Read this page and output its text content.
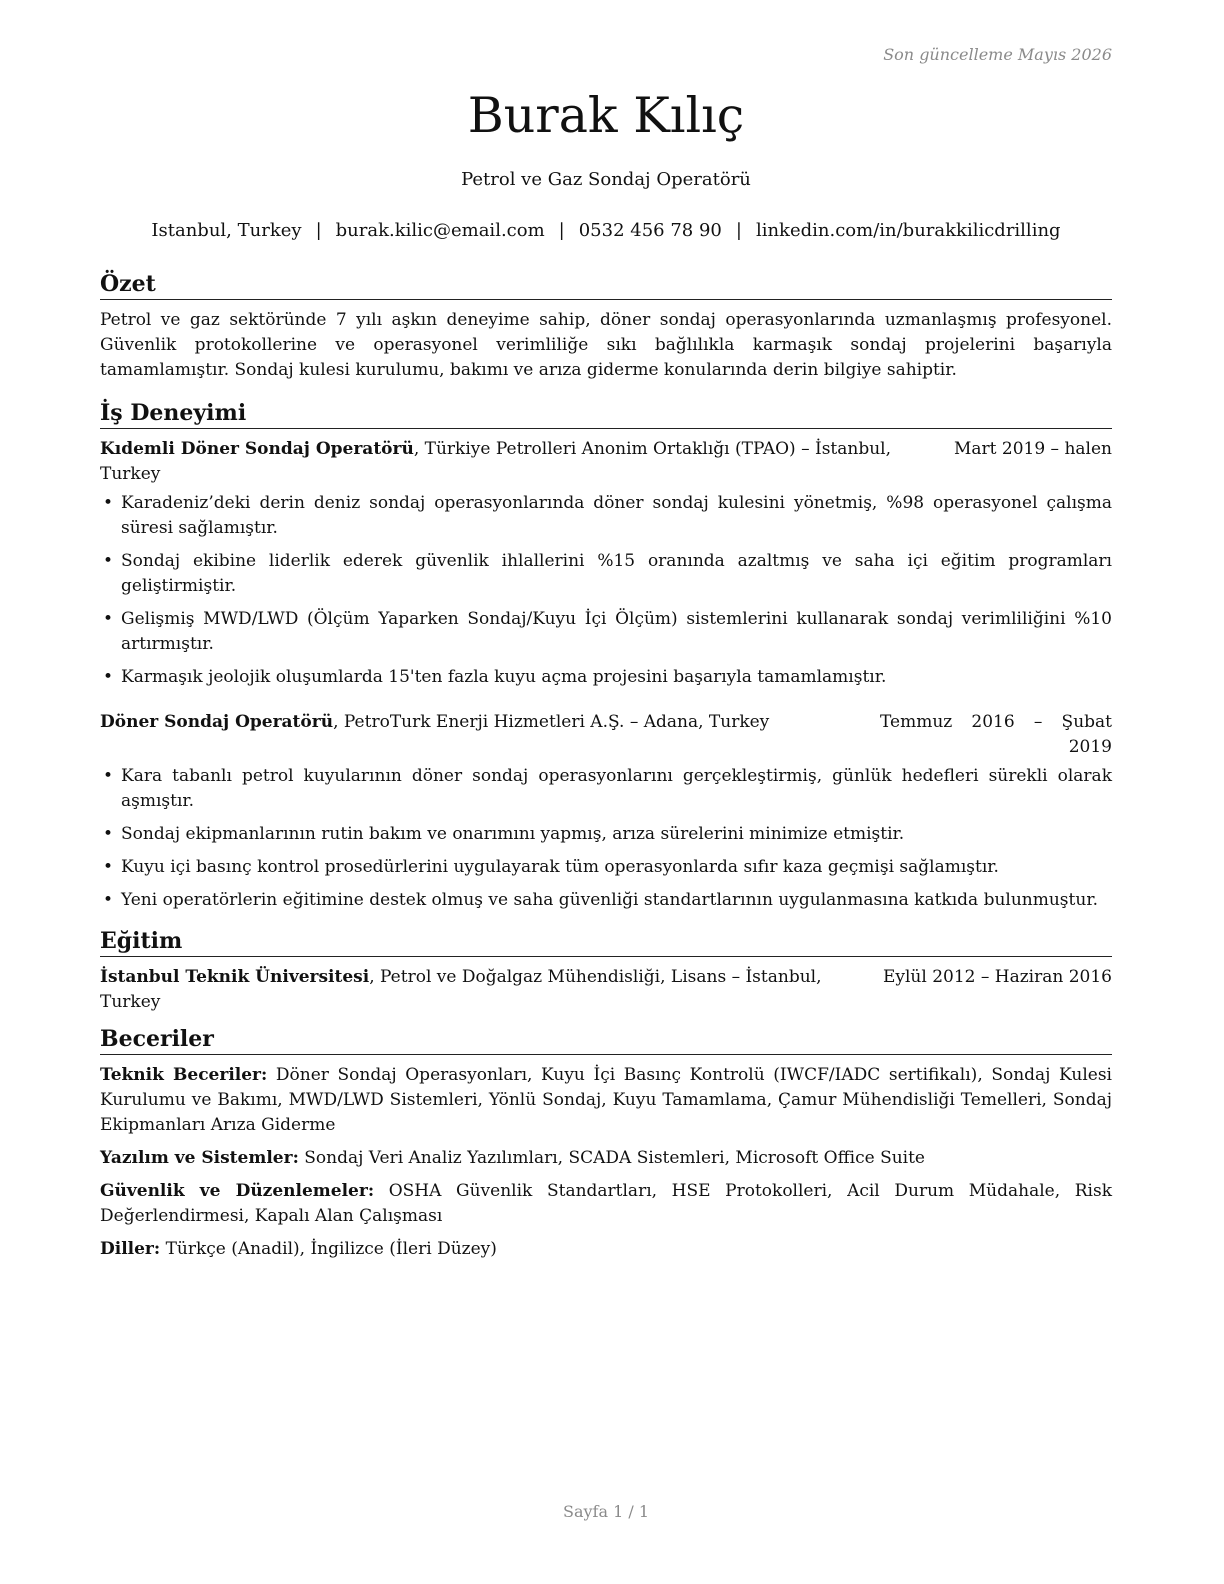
Son güncelleme Mayıs 2026
Burak Kılıç
Petrol ve Gaz Sondaj Operatörü
Istanbul, Turkey | burak.kilic@email.com | 0532 456 78 90 | linkedin.com/in/burakkilicdrilling
Özet

Petrol ve gaz sektöründe 7 yılı aşkın deneyime sahip, döner sondaj operasyonlarında uzmanlaşmış profesyonel. Güvenlik protokollerine ve operasyonel verimliliğe sıkı bağlılıkla karmaşık sondaj projelerini başarıyla tamamlamıştır. Sondaj kulesi kurulumu, bakımı ve arıza giderme konularında derin bilgiye sahiptir.

İş Deneyimi
Kıdemli Döner Sondaj Operatörü, Türkiye Petrolleri Anonim Ortaklığı (TPAO) – İstanbul, Turkey
Mart 2019 – halen
• Karadeniz’deki derin deniz sondaj operasyonlarında döner sondaj kulesini yönetmiş, %98 operasyonel çalışma süresi sağlamıştır.
• Sondaj ekibine liderlik ederek güvenlik ihlallerini %15 oranında azaltmış ve saha içi eğitim programları geliştirmiştir.
• Gelişmiş MWD/LWD (Ölçüm Yaparken Sondaj/Kuyu İçi Ölçüm) sistemlerini kullanarak sondaj verimliliğini %10 artırmıştır.
• Karmaşık jeolojik oluşumlarda 15'ten fazla kuyu açma projesini başarıyla tamamlamıştır.
Döner Sondaj Operatörü, PetroTurk Enerji Hizmetleri A.Ş. – Adana, Turkey	Temmuz 2016 – Şubat 2019
• Kara tabanlı petrol kuyularının döner sondaj operasyonlarını gerçekleştirmiş, günlük hedefleri sürekli olarak aşmıştır.
• Sondaj ekipmanlarının rutin bakım ve onarımını yapmış, arıza sürelerini minimize etmiştir.
• Kuyu içi basınç kontrol prosedürlerini uygulayarak tüm operasyonlarda sıfır kaza geçmişi sağlamıştır.
• Yeni operatörlerin eğitimine destek olmuş ve saha güvenliği standartlarının uygulanmasına katkıda bulunmuştur.
Eğitim
İstanbul Teknik Üniversitesi, Petrol ve Doğalgaz Mühendisliği, Lisans – İstanbul, Turkey
Eylül 2012 – Haziran 2016
Beceriler

Teknik Beceriler: Döner Sondaj Operasyonları, Kuyu İçi Basınç Kontrolü (IWCF/IADC sertifikalı), Sondaj Kulesi Kurulumu ve Bakımı, MWD/LWD Sistemleri, Yönlü Sondaj, Kuyu Tamamlama, Çamur Mühendisliği Temelleri, Sondaj Ekipmanları Arıza Giderme

Yazılım ve Sistemler: Sondaj Veri Analiz Yazılımları, SCADA Sistemleri, Microsoft Office Suite

Güvenlik ve Düzenlemeler: OSHA Güvenlik Standartları, HSE Protokolleri, Acil Durum Müdahale, Risk Değerlendirmesi, Kapalı Alan Çalışması

Diller: Türkçe (Anadil), İngilizce (İleri Düzey)

Sayfa 1 / 1
